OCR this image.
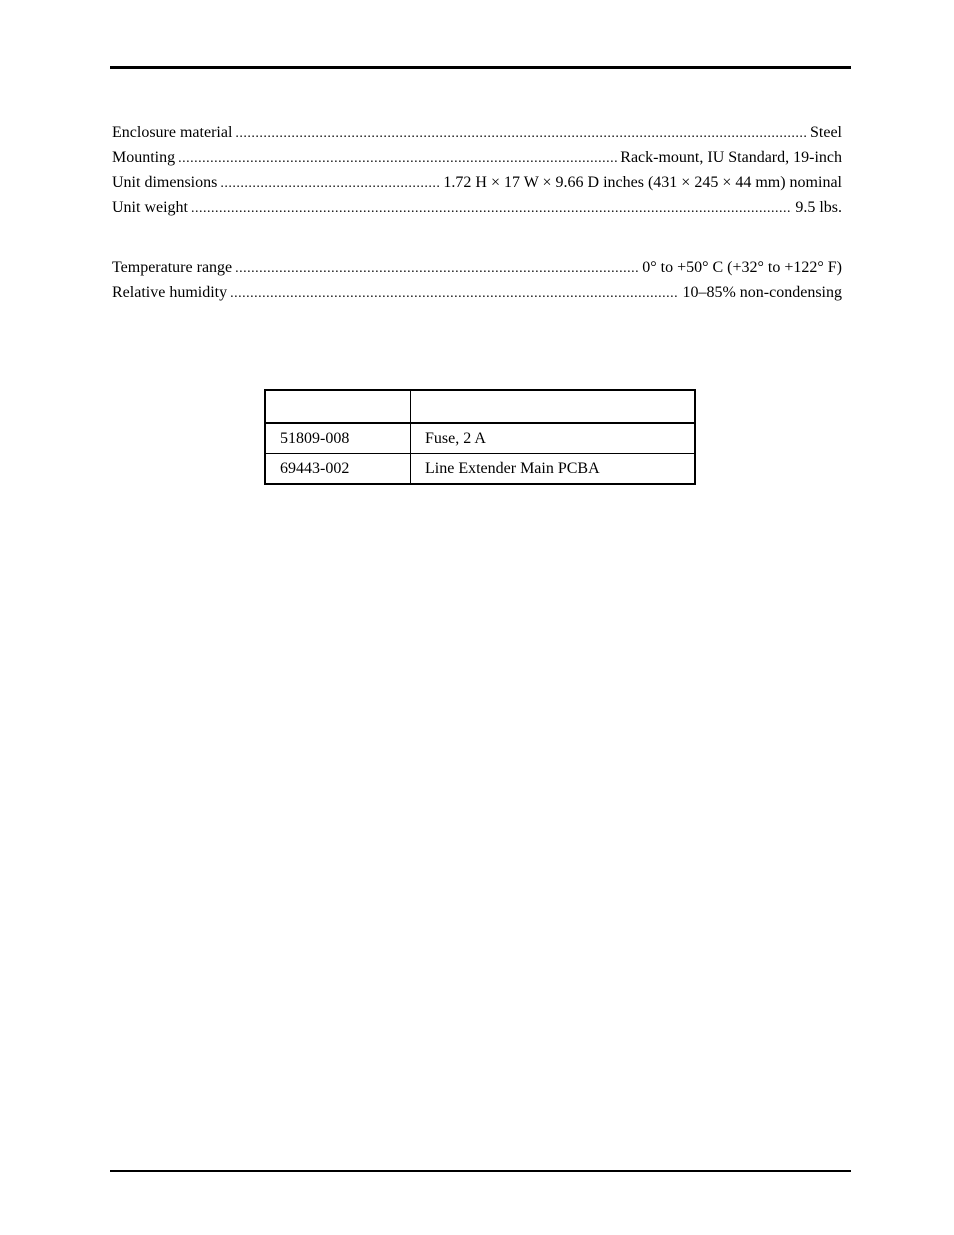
Enclosure material .....	Steel
Mounting .....	Rack-mount, IU Standard, 19-inch
Unit dimensions .....	1.72 H × 17 W × 9.66 D inches (431 × 245 × 44 mm) nominal
Unit weight .....	9.5 lbs.
Temperature range .....	0° to +50° C (+32° to +122° F)
Relative humidity .....	10–85% non-condensing

51809-008	Fuse, 2 A
69443-002	Line Extender Main PCBA
